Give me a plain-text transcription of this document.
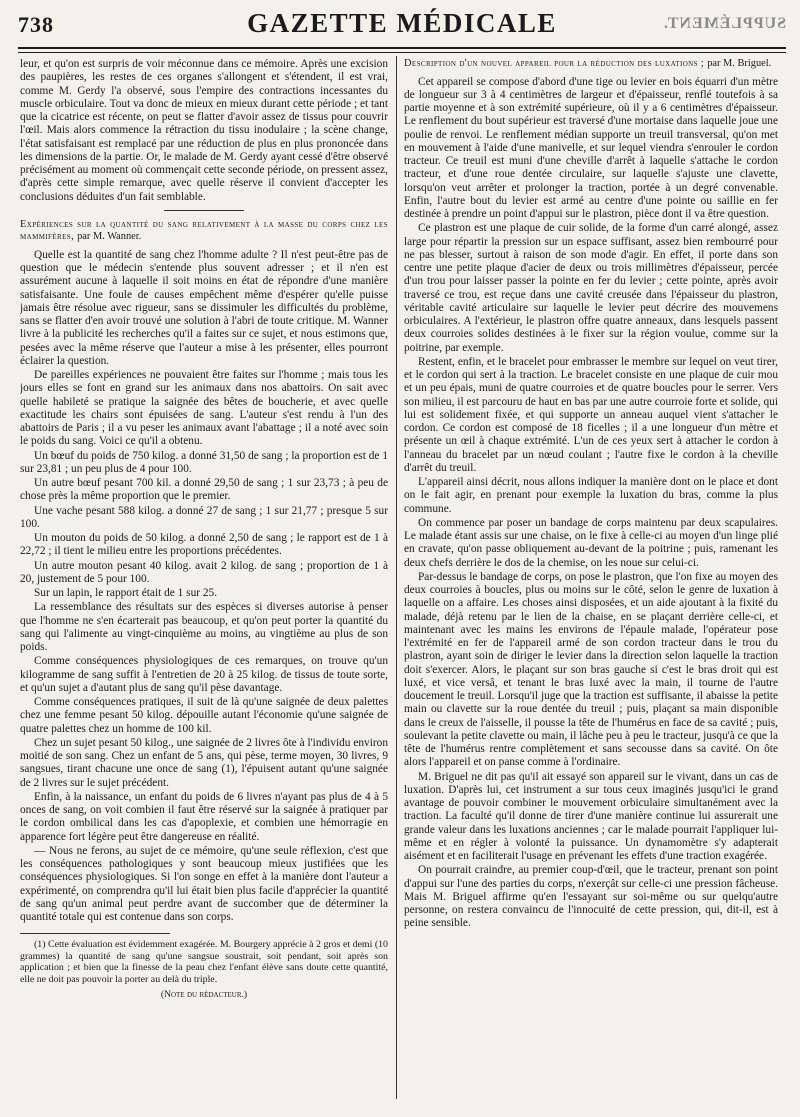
738	GAZETTE MÉDICALE	SUPPLÉMENT.

leur, et qu'on est surpris de voir méconnue dans ce mémoire. Après une excision des paupières, les restes de ces organes s'allongent et s'étendent, il est vrai, comme M. Gerdy l'a observé, sous l'empire des contractions incessantes du muscle orbiculaire. Tout va donc de mieux en mieux durant cette période ; et tant que la cicatrice est récente, on peut se flatter d'avoir assez de tissus pour couvrir l'œil. Mais alors commence la rétraction du tissu inodulaire ; la scène change, l'état satisfaisant est remplacé par une réduction de plus en plus prononcée dans les dimensions de la partie. Or, le malade de M. Gerdy ayant cessé d'être observé précisément au moment où commençait cette seconde période, on pressent assez, d'après cette simple remarque, avec quelle réserve il convient d'accepter les conclusions déduites d'un fait semblable.

Expériences sur la quantité du sang relativement à la masse du corps chez les mammifères, par M. Wanner.

Quelle est la quantité de sang chez l'homme adulte ? Il n'est peut-être pas de question que le médecin s'entende plus souvent adresser ; et il n'en est assurément aucune à laquelle il soit moins en état de répondre d'une manière satisfaisante. Une foule de causes empêchent même d'espérer qu'elle puisse jamais être résolue avec rigueur, sans se dissimuler les difficultés du problème, sans se flatter d'en avoir trouvé une solution à l'abri de toute critique. M. Wanner livre à la publicité les recherches qu'il a faites sur ce sujet, et nous estimons que, pesées avec la même réserve que l'auteur a mise à les présenter, elles pourront éclairer la question.

De pareilles expériences ne pouvaient être faites sur l'homme ; mais tous les jours elles se font en grand sur les animaux dans nos abattoirs. On sait avec quelle habileté se pratique la saignée des bêtes de boucherie, et avec quelle exactitude les chairs sont épuisées de sang. L'auteur s'est rendu à l'un des abattoirs de Paris ; il a vu peser les animaux avant l'abattage ; il a noté avec soin le poids du sang. Voici ce qu'il a obtenu.

Un bœuf du poids de 750 kilog. a donné 31,50 de sang ; la proportion est de 1 sur 23,81 ; un peu plus de 4 pour 100.

Un autre bœuf pesant 700 kil. a donné 29,50 de sang ; 1 sur 23,73 ; à peu de chose près la même proportion que le premier.

Une vache pesant 588 kilog. a donné 27 de sang ; 1 sur 21,77 ; presque 5 sur 100.

Un mouton du poids de 50 kilog. a donné 2,50 de sang ; le rapport est de 1 à 22,72 ; il tient le milieu entre les proportions précédentes.

Un autre mouton pesant 40 kilog. avait 2 kilog. de sang ; proportion de 1 à 20, justement de 5 pour 100.

Sur un lapin, le rapport était de 1 sur 25.

La ressemblance des résultats sur des espèces si diverses autorise à penser que l'homme ne s'en écarterait pas beaucoup, et qu'on peut porter la quantité du sang qui l'alimente au vingt-cinquième au moins, au vingtième au plus de son poids.

Comme conséquences physiologiques de ces remarques, on trouve qu'un kilogramme de sang suffit à l'entretien de 20 à 25 kilog. de tissus de toute sorte, et qu'un sujet a d'autant plus de sang qu'il pèse davantage.

Comme conséquences pratiques, il suit de là qu'une saignée de deux palettes chez une femme pesant 50 kilog. dépouille autant l'économie qu'une saignée de quatre palettes chez un homme de 100 kil.

Chez un sujet pesant 50 kilog., une saignée de 2 livres ôte à l'individu environ moitié de son sang. Chez un enfant de 5 ans, qui pèse, terme moyen, 30 livres, 9 sangsues, tirant chacune une once de sang (1), l'épuisent autant qu'une saignée de 2 livres sur le sujet précédent.

Enfin, à la naissance, un enfant du poids de 6 livres n'ayant pas plus de 4 à 5 onces de sang, on voit combien il faut être réservé sur la saignée à pratiquer par le cordon ombilical dans les cas d'apoplexie, et combien une hémorragie en apparence fort légère peut être dangereuse en réalité.

— Nous ne ferons, au sujet de ce mémoire, qu'une seule réflexion, c'est que les conséquences pathologiques y sont beaucoup mieux justifiées que les conséquences physiologiques. Si l'on songe en effet à la manière dont l'auteur a expérimenté, on comprendra qu'il lui était bien plus facile d'apprécier la quantité de sang qu'un animal peut perdre avant de succomber que de déterminer la quantité totale qui est contenue dans son corps.

(1) Cette évaluation est évidemment exagérée. M. Bourgery apprécie à 2 gros et demi (10 grammes) la quantité de sang qu'une sangsue soustrait, soit pendant, soit après son application ; et bien que la finesse de la peau chez l'enfant élève sans doute cette quantité, elle ne doit pas pouvoir la porter au delà du triple.

(Note du rédacteur.)
Description d'un nouvel appareil pour la réduction des luxations ; par M. Briguel.

Cet appareil se compose d'abord d'une tige ou levier en bois équarri d'un mètre de longueur sur 3 à 4 centimètres de largeur et d'épaisseur, renflé toutefois à sa partie moyenne et à son extrémité supérieure, où il y a 6 centimètres d'épaisseur. Le renflement du bout supérieur est traversé d'une mortaise dans laquelle joue une poulie de renvoi. Le renflement médian supporte un treuil transversal, qu'on met en mouvement à l'aide d'une manivelle, et sur lequel viendra s'enrouler le cordon tracteur. Ce treuil est muni d'une cheville d'arrêt à laquelle s'attache le cordon tracteur, et d'une roue dentée circulaire, sur laquelle s'ajuste une clavette, lorsqu'on veut arrêter et prolonger la traction, portée à un degré convenable. Enfin, l'autre bout du levier est armé au centre d'une pointe ou saillie en fer destinée à prendre un point d'appui sur le plastron, pièce dont il va être question.

Ce plastron est une plaque de cuir solide, de la forme d'un carré alongé, assez large pour répartir la pression sur un espace suffisant, assez bien rembourré pour ne pas blesser, surtout à raison de son mode d'agir. En effet, il porte dans son centre une petite plaque d'acier de deux ou trois millimètres d'épaisseur, percée d'un trou pour laisser passer la pointe en fer du levier ; cette pointe, après avoir traversé ce trou, est reçue dans une cavité creusée dans l'épaisseur du plastron, véritable cavité articulaire sur laquelle le levier peut décrire des mouvemens orbiculaires. A l'extérieur, le plastron offre quatre anneaux, dans lesquels passent deux courroies solides destinées à le fixer sur la région voulue, comme sur la poitrine, par exemple.

Restent, enfin, et le bracelet pour embrasser le membre sur lequel on veut tirer, et le cordon qui sert à la traction. Le bracelet consiste en une plaque de cuir mou et un peu épais, muni de quatre courroies et de quatre boucles pour le serrer. Vers son milieu, il est parcouru de haut en bas par une autre courroie forte et solide, qui lui est solidement fixée, et qui supporte un anneau auquel vient s'attacher le cordon. Ce cordon est composé de 18 ficelles ; il a une longueur d'un mètre et présente un œil à chaque extrémité. L'un de ces yeux sert à attacher le cordon à l'anneau du bracelet par un nœud coulant ; l'autre fixe le cordon à la cheville d'arrêt du treuil.

L'appareil ainsi décrit, nous allons indiquer la manière dont on le place et dont on le fait agir, en prenant pour exemple la luxation du bras, comme la plus commune.

On commence par poser un bandage de corps maintenu par deux scapulaires. Le malade étant assis sur une chaise, on le fixe à celle-ci au moyen d'un linge plié en cravate, qu'on passe obliquement au-devant de la poitrine ; puis, ramenant les deux chefs derrière le dos de la chemise, on les noue sur celui-ci.

Par-dessus le bandage de corps, on pose le plastron, que l'on fixe au moyen des deux courroies à boucles, plus ou moins sur le côté, selon le genre de luxation à laquelle on a affaire. Les choses ainsi disposées, et un aide ajoutant à la fixité du malade, déjà retenu par le lien de la chaise, en se plaçant derrière celle-ci, et maintenant avec les mains les environs de l'épaule malade, l'opérateur pose l'extrémité en fer de l'appareil armé de son cordon tracteur dans le trou du plastron, ayant soin de diriger le levier dans la direction selon laquelle la traction doit s'exercer. Alors, le plaçant sur son bras gauche si c'est le bras droit qui est luxé, et vice versâ, et tenant le bras luxé avec la main, il tourne de l'autre doucement le treuil. Lorsqu'il juge que la traction est suffisante, il abaisse la petite main ou clavette sur la roue dentée du treuil ; puis, plaçant sa main disponible dans le creux de l'aisselle, il pousse la tête de l'humérus en face de sa cavité ; puis, soulevant la petite clavette ou main, il lâche peu à peu le tracteur, jusqu'à ce que la tête de l'humérus rentre complètement et sans secousse dans sa cavité. On ôte alors l'appareil et on panse comme à l'ordinaire.

M. Briguel ne dit pas qu'il ait essayé son appareil sur le vivant, dans un cas de luxation. D'après lui, cet instrument a sur tous ceux imaginés jusqu'ici le grand avantage de pouvoir combiner le mouvement orbiculaire simultanément avec la traction. La faculté qu'il donne de tirer d'une manière continue lui assurerait une grande valeur dans les luxations anciennes ; car le malade pourrait l'appliquer lui-même et en régler à volonté la puissance. Un dynamomètre s'y adapterait aisément et en faciliterait l'usage en prévenant les effets d'une traction exagérée.

On pourrait craindre, au premier coup-d'œil, que le tracteur, prenant son point d'appui sur l'une des parties du corps, n'exerçât sur celle-ci une pression fâcheuse. Mais M. Briguel affirme qu'en l'essayant sur soi-même ou sur quelqu'autre personne, on restera convaincu de l'innocuité de cette pression, qui, dit-il, est à peine sensible.
